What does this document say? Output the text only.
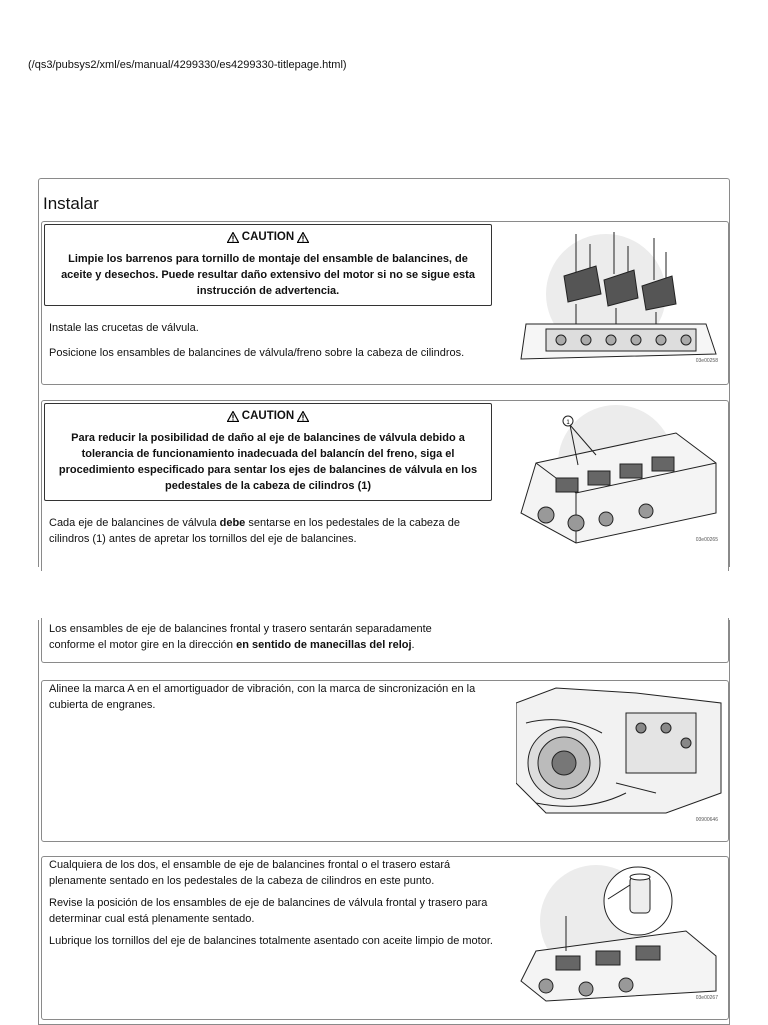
(/qs3/pubsys2/xml/es/manual/4299330/es4299330-titlepage.html)
Instalar
CAUTION
Limpie los barrenos para tornillo de montaje del ensamble de balancines, de aceite y desechos. Puede resultar daño extensivo del motor si no se sigue esta instrucción de advertencia.
Instale las crucetas de válvula.
Posicione los ensambles de balancines de válvula/freno sobre la cabeza de cilindros.
03e00258
CAUTION
Para reducir la posibilidad de daño al eje de balancines de válvula debido a tolerancia de funcionamiento inadecuada del balancín del freno, siga el procedimiento especificado para sentar los ejes de balancines de válvula en los pedestales de la cabeza de cilindros (1)
Cada eje de balancines de válvula debe sentarse en los pedestales de la cabeza de cilindros (1) antes de apretar los tornillos del eje de balancines.
1
03e00265
Los ensambles de eje de balancines frontal y trasero sentarán separadamente conforme el motor gire en la dirección en sentido de manecillas del reloj.
Alinee la marca A en el amortiguador de vibración, con la marca de sincronización en la cubierta de engranes.
00900646
Cualquiera de los dos, el ensamble de eje de balancines frontal o el trasero estará plenamente sentado en los pedestales de la cabeza de cilindros en este punto.
Revise la posición de los ensambles de eje de balancines de válvula frontal y trasero para determinar cual está plenamente sentado.
Lubrique los tornillos del eje de balancines totalmente asentado con aceite limpio de motor.
03e00267
